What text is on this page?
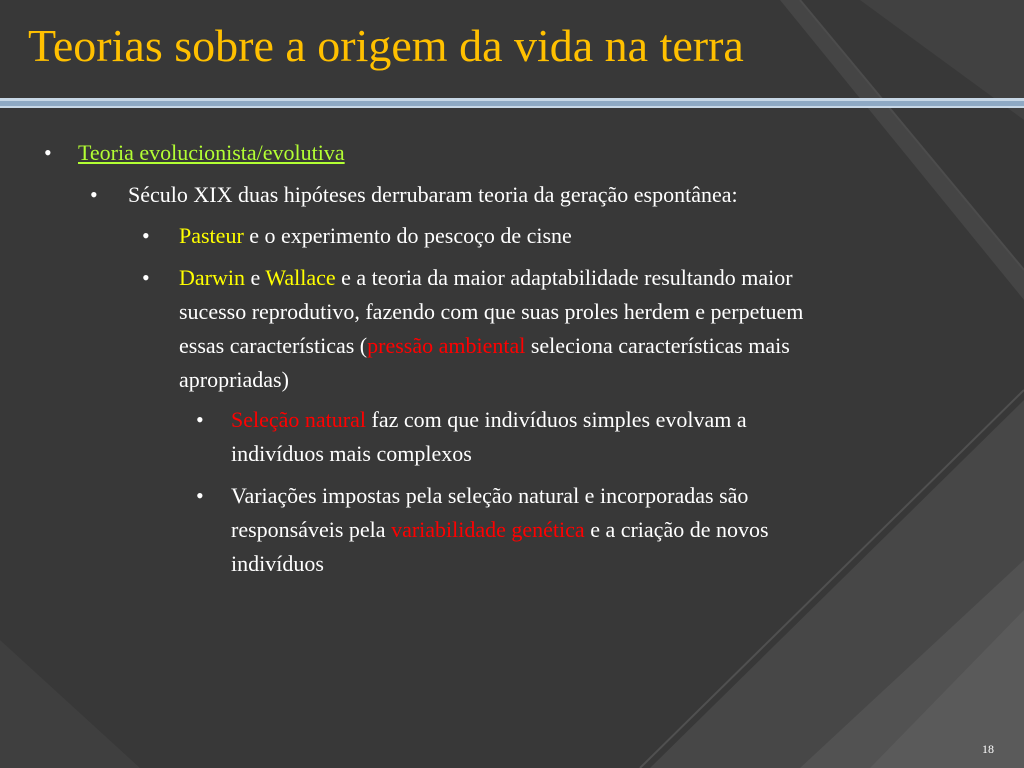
Teorias sobre a origem da vida na terra
•	Teoria evolucionista/evolutiva
•	Século XIX duas hipóteses derrubaram teoria da geração espontânea:
•	Pasteur e o experimento do pescoço de cisne
• Darwin e Wallace e a teoria da maior adaptabilidade resultando maior
sucesso reprodutivo, fazendo com que suas proles herdem e perpetuem
essas características (pressão ambiental seleciona características mais
apropriadas)
• Seleção natural faz com que indivíduos simples evolvam a
indivíduos mais complexos
• Variações impostas pela seleção natural e incorporadas são
responsáveis pela variabilidade genética e a criação de novos
indivíduos
18
